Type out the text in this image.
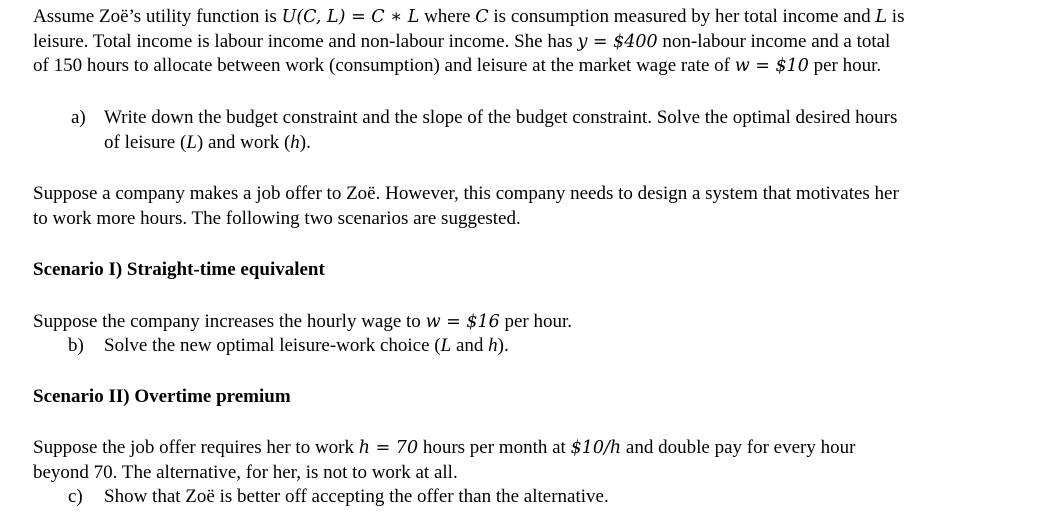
Assume Zoë’s utility function is U(C, L) = C ∗ L where C is consumption measured by her total income and L is
leisure. Total income is labour income and non-labour income. She has y = $400 non-labour income and a total
of 150 hours to allocate between work (consumption) and leisure at the market wage rate of w = $10 per hour.
a) Write down the budget constraint and the slope of the budget constraint. Solve the optimal desired hours
of leisure (L) and work (h).
Suppose a company makes a job offer to Zoë. However, this company needs to design a system that motivates her
to work more hours. The following two scenarios are suggested.
Scenario I) Straight-time equivalent
Suppose the company increases the hourly wage to w = $16 per hour.
b) Solve the new optimal leisure-work choice (L and h).
Scenario II) Overtime premium
Suppose the job offer requires her to work h = 70 hours per month at $10/h and double pay for every hour
beyond 70. The alternative, for her, is not to work at all.
c) Show that Zoë is better off accepting the offer than the alternative.
